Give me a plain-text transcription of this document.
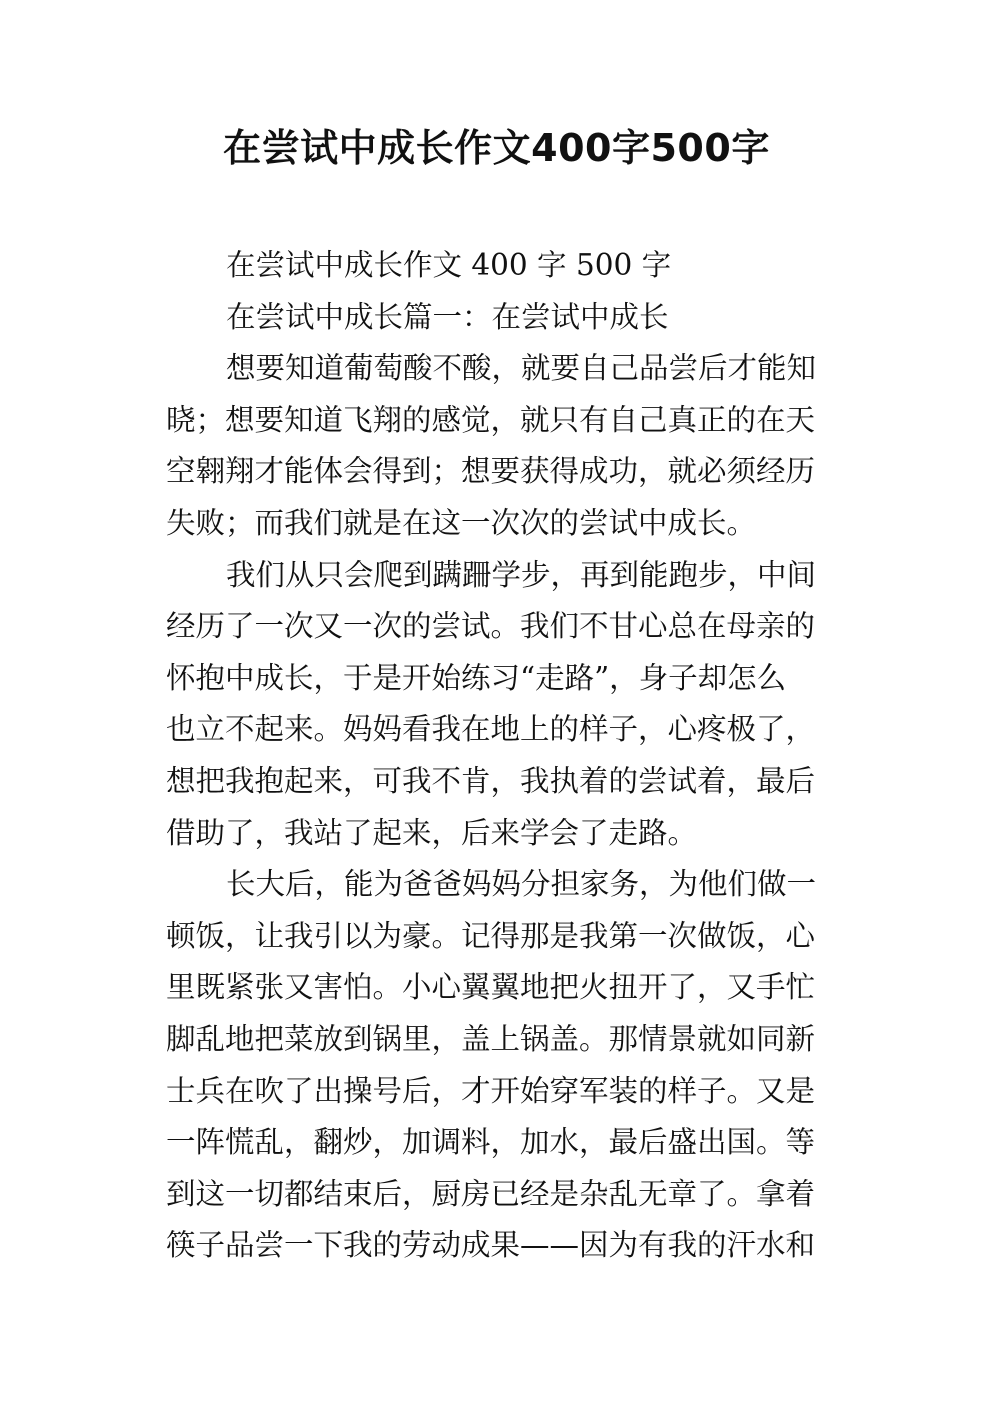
在尝试中成长作文400字500字

在尝试中成长作文 400 字 500 字

在尝试中成长篇一：在尝试中成长

想要知道葡萄酸不酸，就要自己品尝后才能知
晓；想要知道飞翔的感觉，就只有自己真正的在天
空翱翔才能体会得到；想要获得成功，就必须经历
失败；而我们就是在这一次次的尝试中成长。

我们从只会爬到蹒跚学步，再到能跑步，中间
经历了一次又一次的尝试。我们不甘心总在母亲的
怀抱中成长，于是开始练习“走路”，身子却怎么
也立不起来。妈妈看我在地上的样子，心疼极了，
想把我抱起来，可我不肯，我执着的尝试着，最后
借助了，我站了起来，后来学会了走路。

长大后，能为爸爸妈妈分担家务，为他们做一
顿饭，让我引以为豪。记得那是我第一次做饭，心
里既紧张又害怕。小心翼翼地把火扭开了，又手忙
脚乱地把菜放到锅里，盖上锅盖。那情景就如同新
士兵在吹了出操号后，才开始穿军装的样子。又是
一阵慌乱，翻炒，加调料，加水，最后盛出国。等
到这一切都结束后，厨房已经是杂乱无章了。拿着
筷子品尝一下我的劳动成果——因为有我的汗水和
